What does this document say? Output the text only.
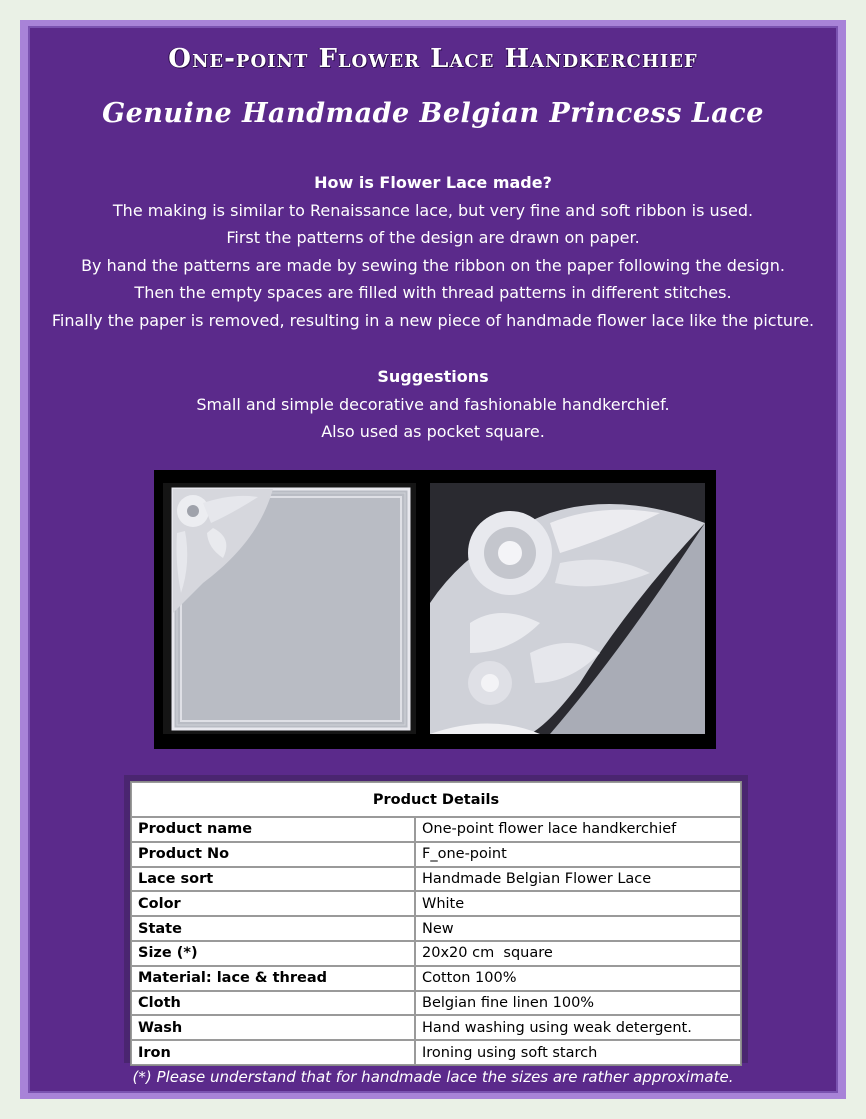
One-point Flower Lace Handkerchief
Genuine Handmade Belgian Princess Lace
How is Flower Lace made?
The making is similar to Renaissance lace, but very fine and soft ribbon is used.
First the patterns of the design are drawn on paper.
By hand the patterns are made by sewing the ribbon on the paper following the design.
Then the empty spaces are filled with thread patterns in different stitches.
Finally the paper is removed, resulting in a new piece of handmade flower lace like the picture.
Suggestions
Small and simple decorative and fashionable handkerchief.
Also used as pocket square.
Product Details	
Product name	One-point flower lace handkerchief
Product No	F_one-point
Lace sort	Handmade Belgian Flower Lace
Color	White
State	New
Size (*)	20x20 cm  square
Material: lace & thread	Cotton 100%
Cloth	Belgian fine linen 100%
Wash	Hand washing using weak detergent.
Iron	Ironing using soft starch
(*) Please understand that for handmade lace the sizes are rather approximate.
